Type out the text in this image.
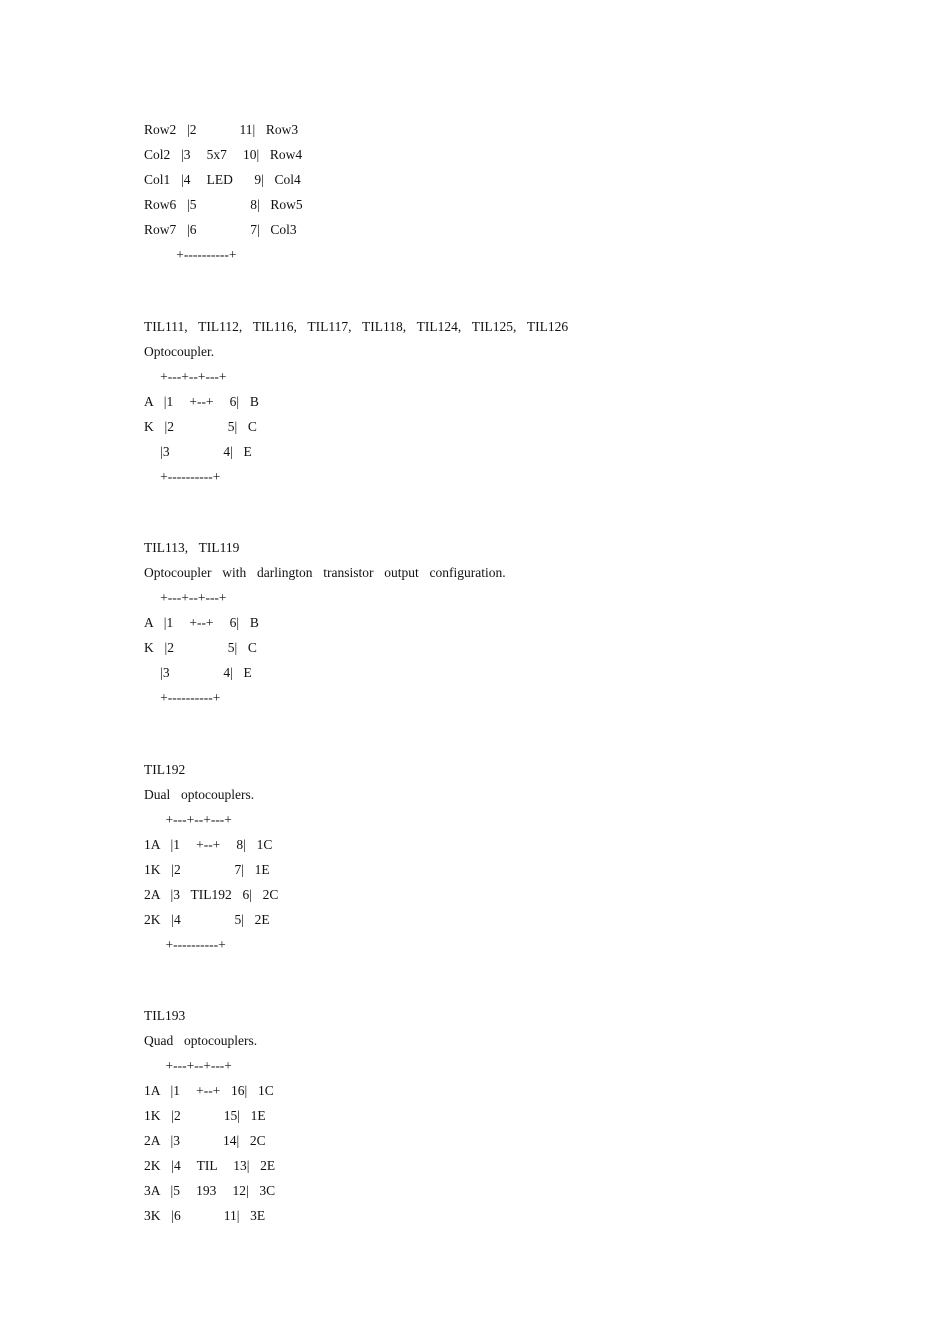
Row2  |2        11|  Row3
Col2  |3   5x7   10|  Row4
Col1  |4   LED    9|  Col4
Row6  |5          8|  Row5
Row7  |6          7|  Col3
+----------+
TIL111,  TIL112,  TIL116,  TIL117,  TIL118,  TIL124,  TIL125,  TIL126
Optocoupler.
+---+--+---+
A  |1   +--+   6|  B
K  |2          5|  C
|3          4|  E
+----------+
TIL113,  TIL119
Optocoupler  with  darlington  transistor  output  configuration.
+---+--+---+
A  |1   +--+   6|  B
K  |2          5|  C
|3          4|  E
+----------+
TIL192
Dual  optocouplers.
+---+--+---+
1A  |1   +--+   8|  1C
1K  |2          7|  1E
2A  |3  TIL192  6|  2C
2K  |4          5|  2E
+----------+
TIL193
Quad  optocouplers.
+---+--+---+
1A  |1   +--+  16|  1C
1K  |2        15|  1E
2A  |3        14|  2C
2K  |4   TIL   13|  2E
3A  |5   193   12|  3C
3K  |6        11|  3E
